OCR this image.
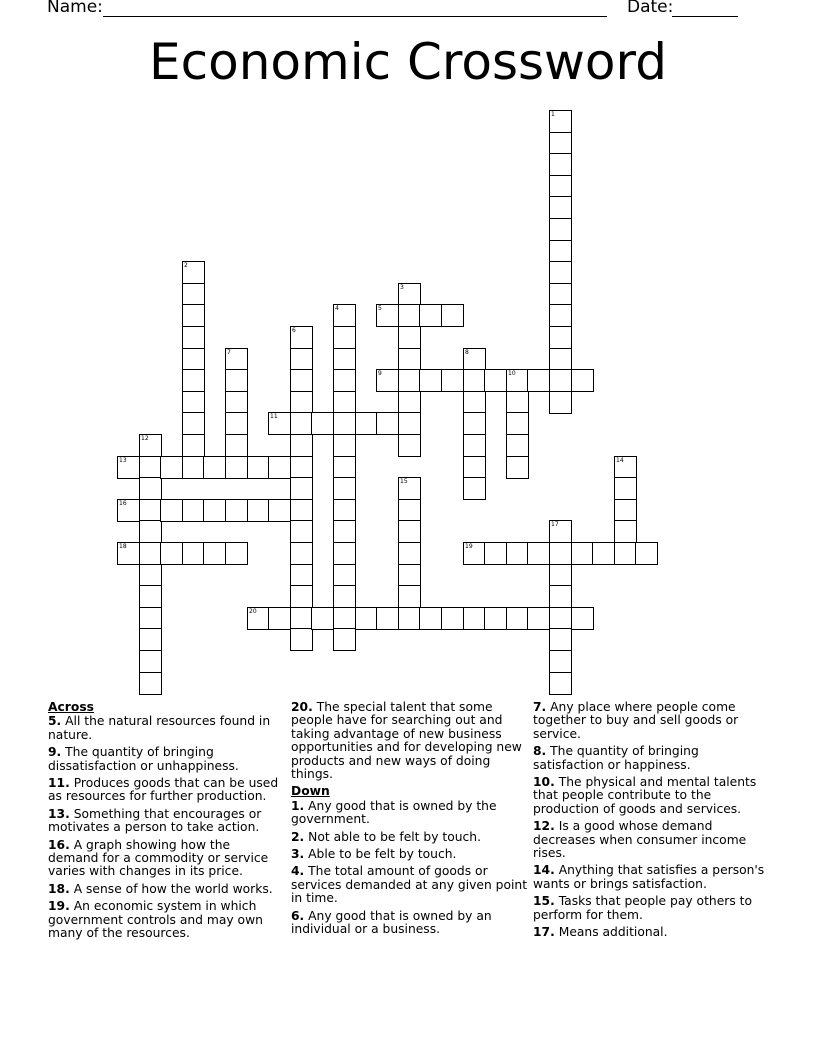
Name:	Date:
Economic Crossword
1
2
3
4	5
6
7	8
9	10
11
12
13	14
15
16
17
18	19
20
Across
5. All the natural resources found in nature.
9. The quantity of bringing dissatisfaction or unhappiness.
11. Produces goods that can be used as resources for further production.
13. Something that encourages or motivates a person to take action.
16. A graph showing how the demand for a commodity or service varies with changes in its price.
18. A sense of how the world works.
19. An economic system in which government controls and may own many of the resources.
20. The special talent that some people have for searching out and taking advantage of new business opportunities and for developing new products and new ways of doing things.
Down
1. Any good that is owned by the government.
2. Not able to be felt by touch.
3. Able to be felt by touch.
4. The total amount of goods or services demanded at any given point in time.
6. Any good that is owned by an individual or a business.
7. Any place where people come together to buy and sell goods or service.
8. The quantity of bringing satisfaction or happiness.
10. The physical and mental talents that people contribute to the production of goods and services.
12. Is a good whose demand decreases when consumer income rises.
14. Anything that satisfies a person's wants or brings satisfaction.
15. Tasks that people pay others to perform for them.
17. Means additional.
